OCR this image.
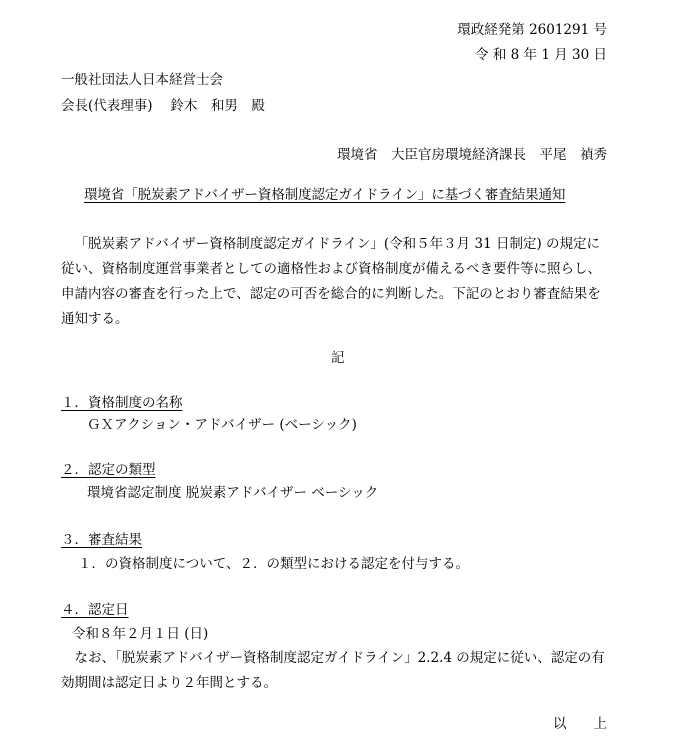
環政経発第 2601291 号
令 和 8 年 1 月 30 日
一般社団法人日本経営士会
会長(代表理事)　 鈴木　和男　殿
環境省　大臣官房環境経済課長　平尾　禎秀
環境省「脱炭素アドバイザー資格制度認定ガイドライン」に基づく審査結果通知

「脱炭素アドバイザー資格制度認定ガイドライン」(令和５年３月 31 日制定) の規定に従い、資格制度運営事業者としての適格性および資格制度が備えるべき要件等に照らし、申請内容の審査を行った上で、認定の可否を総合的に判断した。下記のとおり審査結果を通知する。

記
１．資格制度の名称
ＧＸアクション・アドバイザー (ベーシック)
２．認定の類型
環境省認定制度 脱炭素アドバイザー ベーシック
３．審査結果
１．の資格制度について、２．の類型における認定を付与する。
４．認定日
令和８年２月１日 (日)

なお、「脱炭素アドバイザー資格制度認定ガイドライン」2.2.4 の規定に従い、認定の有効期間は認定日より２年間とする。

以　　上
